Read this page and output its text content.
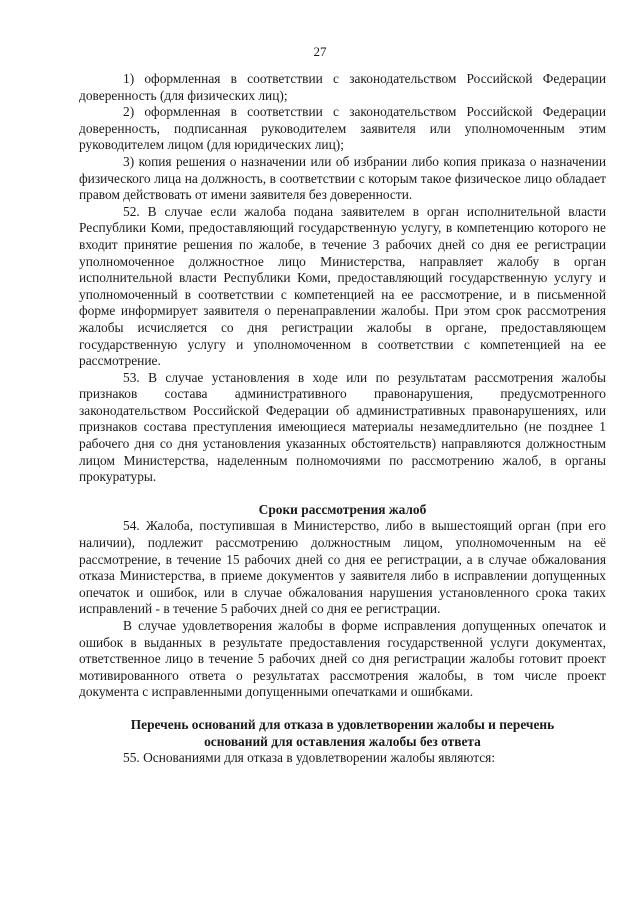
27

1) оформленная в соответствии с законодательством Российской Федерации доверенность (для физических лиц);

2) оформленная в соответствии с законодательством Российской Федерации доверенность, подписанная руководителем заявителя или уполномоченным этим руководителем лицом (для юридических лиц);

3) копия решения о назначении или об избрании либо копия приказа о назначении физического лица на должность, в соответствии с которым такое физическое лицо обладает правом действовать от имени заявителя без доверенности.

52. В случае если жалоба подана заявителем в орган исполнительной власти Республики Коми, предоставляющий государственную услугу, в компетенцию которого не входит принятие решения по жалобе, в течение 3 рабочих дней со дня ее регистрации уполномоченное должностное лицо Министерства, направляет жалобу в орган исполнительной власти Республики Коми, предоставляющий государственную услугу и уполномоченный в соответствии с компетенцией на ее рассмотрение, и в письменной форме информирует заявителя о перенаправлении жалобы. При этом срок рассмотрения жалобы исчисляется со дня регистрации жалобы в органе, предоставляющем государственную услугу и уполномоченном в соответствии с компетенцией на ее рассмотрение.

53. В случае установления в ходе или по результатам рассмотрения жалобы признаков состава административного правонарушения, предусмотренного законодательством Российской Федерации об административных правонарушениях, или признаков состава преступления имеющиеся материалы незамедлительно (не позднее 1 рабочего дня со дня установления указанных обстоятельств) направляются должностным лицом Министерства, наделенным полномочиями по рассмотрению жалоб, в органы прокуратуры.

Сроки рассмотрения жалоб

54. Жалоба, поступившая в Министерство, либо в вышестоящий орган (при его наличии), подлежит рассмотрению должностным лицом, уполномоченным на её рассмотрение, в течение 15 рабочих дней со дня ее регистрации, а в случае обжалования отказа Министерства, в приеме документов у заявителя либо в исправлении допущенных опечаток и ошибок, или в случае обжалования нарушения установленного срока таких исправлений - в течение 5 рабочих дней со дня ее регистрации.

В случае удовлетворения жалобы в форме исправления допущенных опечаток и ошибок в выданных в результате предоставления государственной услуги документах, ответственное лицо в течение 5 рабочих дней со дня регистрации жалобы готовит проект мотивированного ответа о результатах рассмотрения жалобы, в том числе проект документа с исправленными допущенными опечатками и ошибками.

Перечень оснований для отказа в удовлетворении жалобы и перечень

оснований для оставления жалобы без ответа

55. Основаниями для отказа в удовлетворении жалобы являются:
